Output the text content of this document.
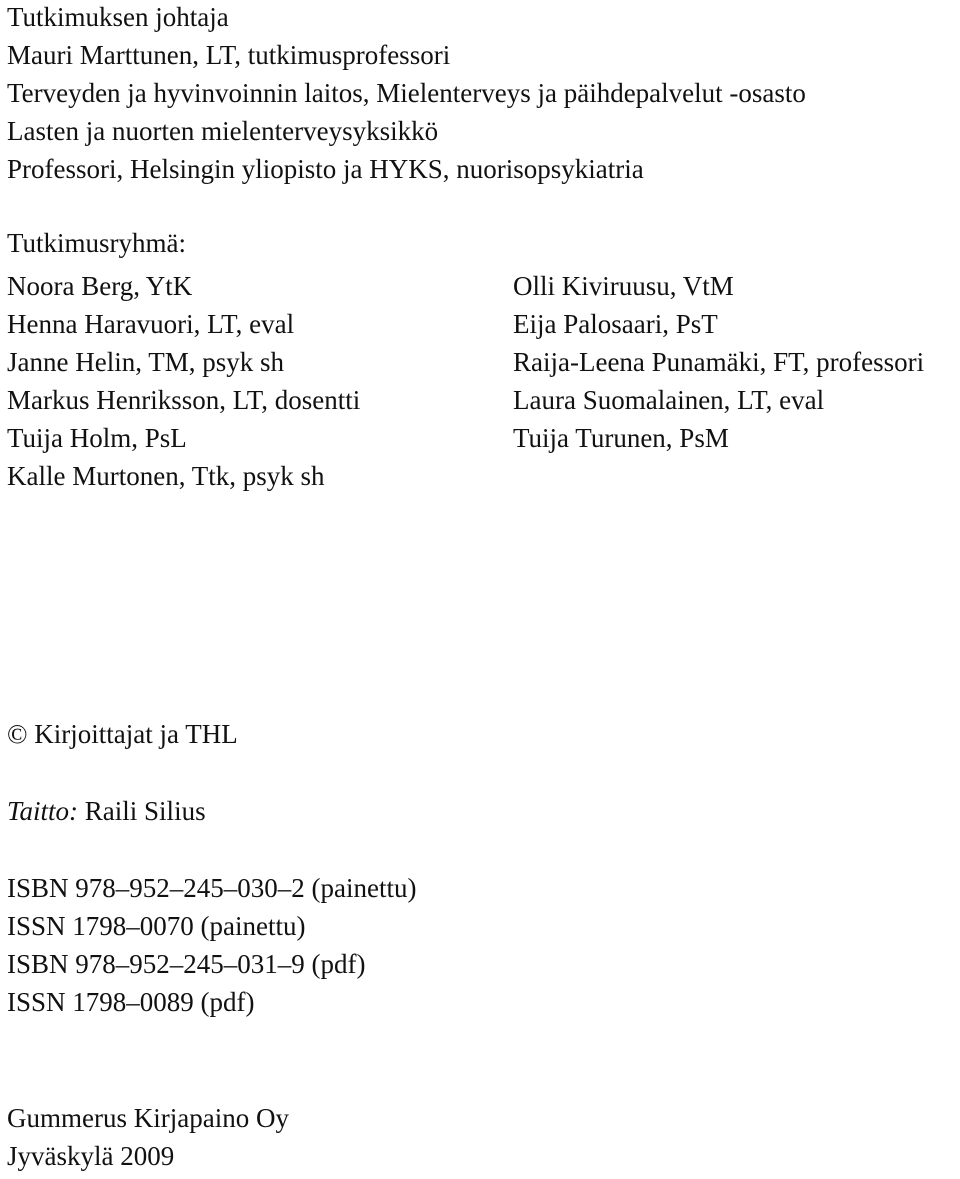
Tutkimuksen johtaja
Mauri Marttunen, LT, tutkimusprofessori
Terveyden ja hyvinvoinnin laitos, Mielenterveys ja päihdepalvelut -osasto
Lasten ja nuorten mielenterveysyksikkö
Professori, Helsingin yliopisto ja HYKS, nuorisopsykiatria
Tutkimusryhmä:
Noora Berg, YtK
Henna Haravuori, LT, eval
Janne Helin, TM, psyk sh
Markus Henriksson, LT, dosentti
Tuija Holm, PsL
Kalle Murtonen, Ttk, psyk sh
Olli Kiviruusu, VtM
Eija Palosaari, PsT
Raija-Leena Punamäki, FT, professori
Laura Suomalainen, LT, eval
Tuija Turunen, PsM
© Kirjoittajat ja THL
Taitto: Raili Silius
ISBN 978–952–245–030–2 (painettu)
ISSN 1798–0070 (painettu)
ISBN 978–952–245–031–9 (pdf)
ISSN 1798–0089 (pdf)
Gummerus Kirjapaino Oy
Jyväskylä 2009
